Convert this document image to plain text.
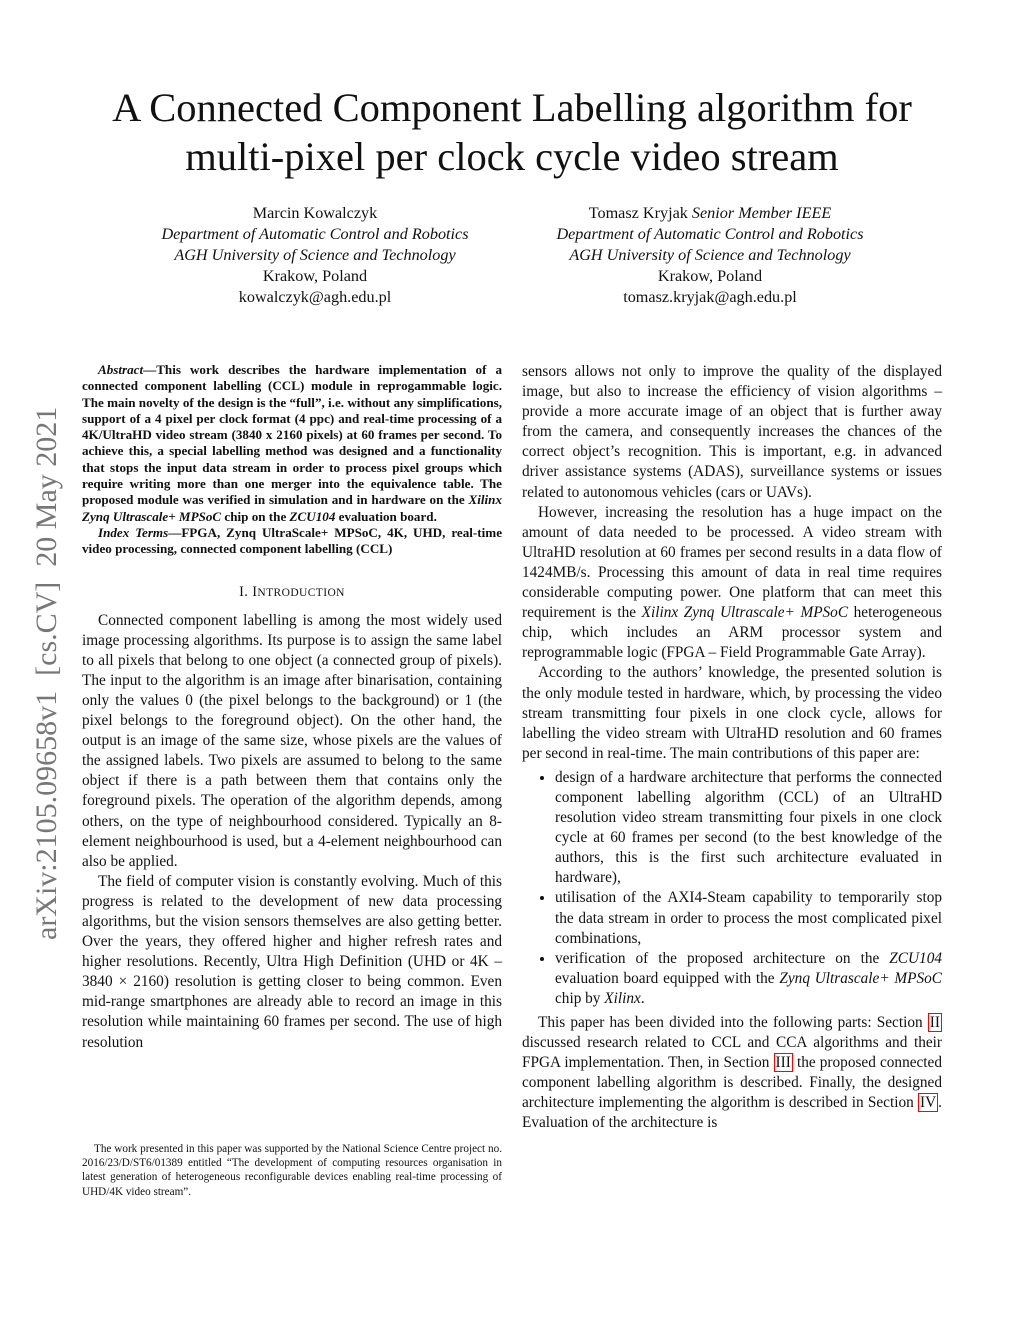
arXiv:2105.09658v1  [cs.CV]  20 May 2021
A Connected Component Labelling algorithm for multi-pixel per clock cycle video stream
Marcin Kowalczyk
Department of Automatic Control and Robotics
AGH University of Science and Technology
Krakow, Poland
kowalczyk@agh.edu.pl
Tomasz Kryjak Senior Member IEEE
Department of Automatic Control and Robotics
AGH University of Science and Technology
Krakow, Poland
tomasz.kryjak@agh.edu.pl

Abstract—This work describes the hardware implementation of a connected component labelling (CCL) module in reprogammable logic. The main novelty of the design is the “full”, i.e. without any simplifications, support of a 4 pixel per clock format (4 ppc) and real-time processing of a 4K/UltraHD video stream (3840 x 2160 pixels) at 60 frames per second. To achieve this, a special labelling method was designed and a functionality that stops the input data stream in order to process pixel groups which require writing more than one merger into the equivalence table. The proposed module was verified in simulation and in hardware on the Xilinx Zynq Ultrascale+ MPSoC chip on the ZCU104 evaluation board.

Index Terms—FPGA, Zynq UltraScale+ MPSoC, 4K, UHD, real-time video processing, connected component labelling (CCL)

I. INTRODUCTION

Connected component labelling is among the most widely used image processing algorithms. Its purpose is to assign the same label to all pixels that belong to one object (a connected group of pixels). The input to the algorithm is an image after binarisation, containing only the values 0 (the pixel belongs to the background) or 1 (the pixel belongs to the foreground object). On the other hand, the output is an image of the same size, whose pixels are the values of the assigned labels. Two pixels are assumed to belong to the same object if there is a path between them that contains only the foreground pixels. The operation of the algorithm depends, among others, on the type of neighbourhood considered. Typically an 8-element neighbourhood is used, but a 4-element neighbourhood can also be applied.

The field of computer vision is constantly evolving. Much of this progress is related to the development of new data processing algorithms, but the vision sensors themselves are also getting better. Over the years, they offered higher and higher refresh rates and higher resolutions. Recently, Ultra High Definition (UHD or 4K – 3840 × 2160) resolution is getting closer to being common. Even mid-range smartphones are already able to record an image in this resolution while maintaining 60 frames per second. The use of high resolution

The work presented in this paper was supported by the National Science Centre project no. 2016/23/D/ST6/01389 entitled “The development of computing resources organisation in latest generation of heterogeneous reconfigurable devices enabling real-time processing of UHD/4K video stream”.

sensors allows not only to improve the quality of the displayed image, but also to increase the efficiency of vision algorithms – provide a more accurate image of an object that is further away from the camera, and consequently increases the chances of the correct object’s recognition. This is important, e.g. in advanced driver assistance systems (ADAS), surveillance systems or issues related to autonomous vehicles (cars or UAVs).

However, increasing the resolution has a huge impact on the amount of data needed to be processed. A video stream with UltraHD resolution at 60 frames per second results in a data flow of 1424MB/s. Processing this amount of data in real time requires considerable computing power. One platform that can meet this requirement is the Xilinx Zynq Ultrascale+ MPSoC heterogeneous chip, which includes an ARM processor system and reprogrammable logic (FPGA – Field Programmable Gate Array).

According to the authors’ knowledge, the presented solution is the only module tested in hardware, which, by processing the video stream transmitting four pixels in one clock cycle, allows for labelling the video stream with UltraHD resolution and 60 frames per second in real-time. The main contributions of this paper are:

• design of a hardware architecture that performs the connected component labelling algorithm (CCL) of an UltraHD resolution video stream transmitting four pixels in one clock cycle at 60 frames per second (to the best knowledge of the authors, this is the first such architecture evaluated in hardware),
• utilisation of the AXI4-Steam capability to temporarily stop the data stream in order to process the most complicated pixel combinations,
• verification of the proposed architecture on the ZCU104 evaluation board equipped with the Zynq Ultrascale+ MPSoC chip by Xilinx.

This paper has been divided into the following parts: Section II discussed research related to CCL and CCA algorithms and their FPGA implementation. Then, in Section III the proposed connected component labelling algorithm is described. Finally, the designed architecture implementing the algorithm is described in Section IV . Evaluation of the architecture is
